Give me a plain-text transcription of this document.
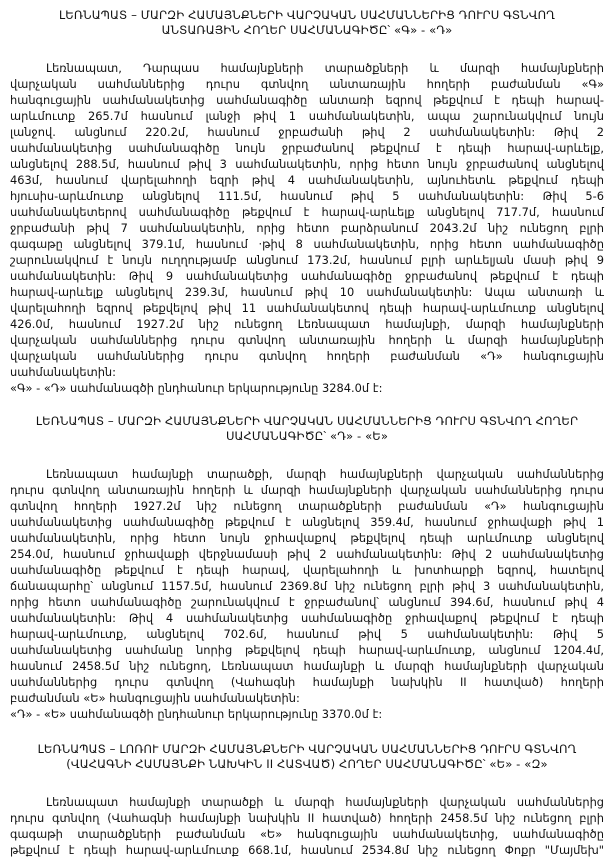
ԼԵՌՆԱՊԱՏ – ՄԱՐԶԻ ՀԱՄԱՅՆՔՆԵՐԻ ՎԱՐՉԱԿԱՆ ՍԱՀՄԱՆՆԵՐԻՑ ԴՈՒՐՍ ԳՏՆՎՈՂ
ԱՆՏԱՌԱՅԻՆ ՀՈՂԵՐ ՍԱՀՄԱՆԱԳԻԾԸ՝ «Գ» - «Դ»
Լեռնապատ, Դարպաս համայնքների տարածքների և մարզի համայնքների
վարչական սահմաններից դուրս գտնվող անտառային հողերի բաժանման «Գ»
հանգուցային սահմանակետից սահմանագիծը անտառի եզրով թեքվում է դեպի հարավ-
արևմուտք 265.7մ հասնում լանջի թիվ 1 սահմանակետին, ապա շարունակվում նույն
լանջով. անցնում 220.2մ, հասնում ջրբաժանի թիվ 2 սահմանակետին: Թիվ 2
սահմանակետից սահմանագիծը նույն ջրբաժանով թեքվում է դեպի հարավ-արևելք,
անցնելով 288.5մ, հասնում թիվ 3 սահմանակետին, որից հետո նույն ջրբաժանով անցնելով
463մ, հասնում վարելահողի եզրի թիվ 4 սահմանակետին, այնուհետև թեքվում դեպի
հյուսիս-արևմուտք անցնելով 111.5մ, հասնում թիվ 5 սահմանակետին: Թիվ 5-6
սահմանակետերով սահմանագիծը թեքվում է հարավ-արևելք անցնելով 717.7մ, հասնում
ջրբաժանի թիվ 7 սահմանակետին, որից հետո բարձրանում 2043.2մ նիշ ունեցող բլրի
գագաթը անցնելով 379.1մ, հասնում ·թիվ 8 սահմանակետին, որից հետո սահմանագիծը
շարունակվում է նույն ուղղությամբ անցնում 173.2մ, հասնում բլրի արևելյան մասի թիվ 9
սահմանակետին: Թիվ 9 սահմանակետից սահմանագիծը ջրբաժանով թեքվում է դեպի
հարավ-արևելք անցնելով 239.3մ, հասնում թիվ 10 սահմանակետին: Ապա անտառի և
վարելահողի եզրով թեքվելով թիվ 11 սահմանակետով դեպի հարավ-արևմուտք անցնելով
426.0մ, հասնում 1927.2մ նիշ ունեցող Լեռնապատ համայնքի, մարզի համայնքների
վարչական սահմաններից դուրս գտնվող անտառային հողերի և մարզի համայնքների
վարչական սահմաններից դուրս գտնվող հողերի բաժանման «Դ» հանգուցային
սահմանակետին:
«Գ» - «Դ» սահմանագծի ընդհանուր երկարությունը 3284.0մ է:
ԼԵՌՆԱՊԱՏ – ՄԱՐԶԻ ՀԱՄԱՅՆՔՆԵՐԻ ՎԱՐՉԱԿԱՆ ՍԱՀՄԱՆՆԵՐԻՑ ԴՈՒՐՍ ԳՏՆՎՈՂ ՀՈՂԵՐ
ՍԱՀՄԱՆԱԳԻԾԸ՝ «Դ» - «Ե»
Լեռնապատ համայնքի տարածքի, մարզի համայնքների վարչական սահմաններից
դուրս գտնվող անտառային հողերի և մարզի համայնքների վարչական սահմաններից դուրս
գտնվող հողերի 1927.2մ նիշ ունեցող տարածքների բաժանման «Դ» հանգուցային
սահմանակետից սահմանագիծը թեքվում է անցնելով 359.4մ, հասնում ջրհավաքի թիվ 1
սահմանակետին, որից հետո նույն ջրհավաքով թեքվելով դեպի արևմուտք անցնելով
254.0մ, հասնում ջրհավաքի վերջնամասի թիվ 2 սահմանակետին: Թիվ 2 սահմանակետից
սահմանագիծը թեքվում է դեպի հարավ, վարելահողի և խոտհարքի եզրով, հատելով
ճանապարհը՝ անցնում 1157.5մ, հասնում 2369.8մ նիշ ունեցող բլրի թիվ 3 սահմանակետին,
որից հետո սահմանագիծը շարունակվում է ջրբաժանով՝ անցնում 394.6մ, հասնում թիվ 4
սահմանակետին: Թիվ 4 սահմանակետից սահմանագիծը ջրհավաքով թեքվում է դեպի
հարավ-արևմուտք, անցնելով 702.6մ, հասնում թիվ 5 սահմանակետին: Թիվ 5
սահմանակետից սահմանը նորից թեքվելով դեպի հարավ-արևմուտք, անցնում 1204.4մ,
հասնում 2458.5մ նիշ ունեցող, Լեռնապատ համայնքի և մարզի համայնքների վարչական
սահմաններից դուրս գտնվող (Վահագնի համայնքի նախկին II հատված) հողերի
բաժանման «Ե» հանգուցային սահմանակետին:
«Դ» - «Ե» սահմանագծի ընդհանուր երկարությունը 3370.0մ է:
ԼԵՌՆԱՊԱՏ – ԼՈՌՈՒ ՄԱՐԶԻ ՀԱՄԱՅՆՔՆԵՐԻ ՎԱՐՉԱԿԱՆ ՍԱՀՄԱՆՆԵՐԻՑ ԴՈՒՐՍ ԳՏՆՎՈՂ
(ՎԱՀԱԳՆԻ ՀԱՄԱՅՆՔԻ ՆԱԽԿԻՆ II ՀԱՏՎԱԾ) ՀՈՂԵՐ ՍԱՀՄԱՆԱԳԻԾԸ՝ «Ե» - «Զ»
Լեռնապատ համայնքի տարածքի և մարզի համայնքների վարչական սահմաններից
դուրս գտնվող (Վահագնի համայնքի նախկին II հատված) հողերի 2458.5մ նիշ ունեցող բլրի
գագաթի տարածքների բաժանման «Ե» հանգուցային սահմանակետից, սահմանագիծը
թեքվում է դեպի հարավ-արևմուտք 668.1մ, հասնում 2534.8մ նիշ ունեցող Փոքր "Մայմեխ"
